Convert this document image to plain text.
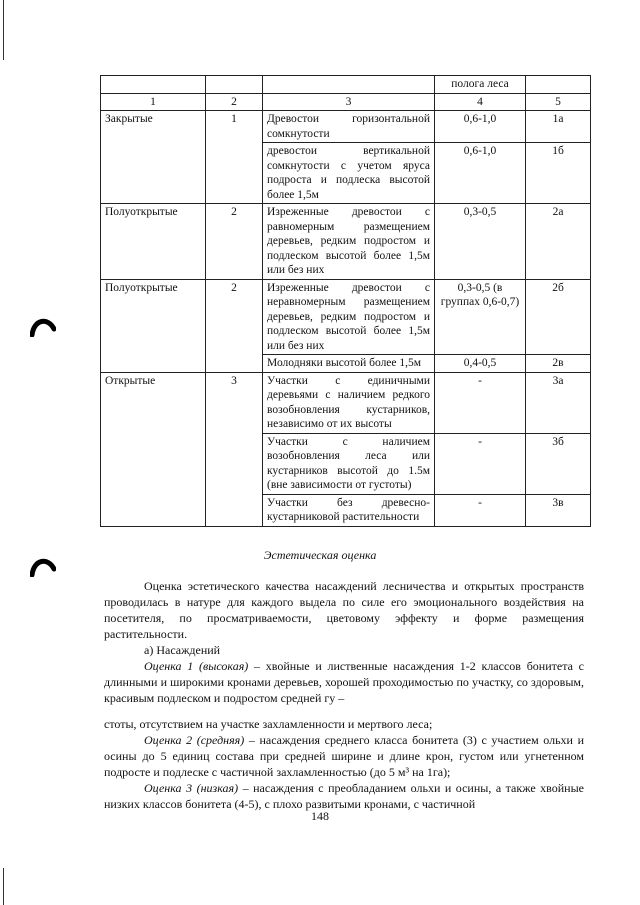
			полога леса	
1	2	3	4	5
Закрытые	1	Древостои горизонтальной сомкнутости	0,6-1,0	1а
		древостои вертикальной сомкнутости с учетом яруса подроста и подлеска высотой более 1,5м	0,6-1,0	1б
Полуоткрытые	2	Изреженные древостои с равномерным размещением деревьев, редким подростом и подлеском высотой более 1,5м или без них	0,3-0,5	2а
Полуоткрытые	2	Изреженные древостои с неравномерным размещением деревьев, редким подростом и подлеском высотой более 1,5м или без них	0,3-0,5 (в группах 0,6-0,7)	2б
		Молодняки высотой более 1,5м	0,4-0,5	2в
Открытые	3	Участки с единичными деревьями с наличием редкого возобновления кустарников, независимо от их высоты	-	3а
		Участки с наличием возобновления леса или кустарников высотой до 1.5м (вне зависимости от густоты)	-	3б
		Участки без древесно-кустарниковой растительности	-	3в
Эстетическая оценка
Оценка эстетического качества насаждений лесничества и открытых пространств проводилась в натуре для каждого выдела по силе его эмоционального воздействия на посетителя, по просматриваемости, цветовому эффекту и форме размещения растительности.
а) Насаждений
Оценка 1 (высокая) – хвойные и лиственные насаждения 1-2 классов бонитета с длинными и широкими кронами деревьев, хорошей проходимостью по участку, со здоровым, красивым подлеском и подростом средней гу –
стоты, отсутствием на участке захламленности и мертвого леса;
Оценка 2 (средняя) – насаждения среднего класса бонитета (3) с участием ольхи и осины до 5 единиц состава при средней ширине и длине крон, густом или угнетенном подросте и подлеске с частичной захламленностью (до 5 м³ на 1га);
Оценка 3 (низкая) – насаждения с преобладанием ольхи и осины, а также хвойные низких классов бонитета (4-5), с плохо развитыми кронами, с частичной
148
